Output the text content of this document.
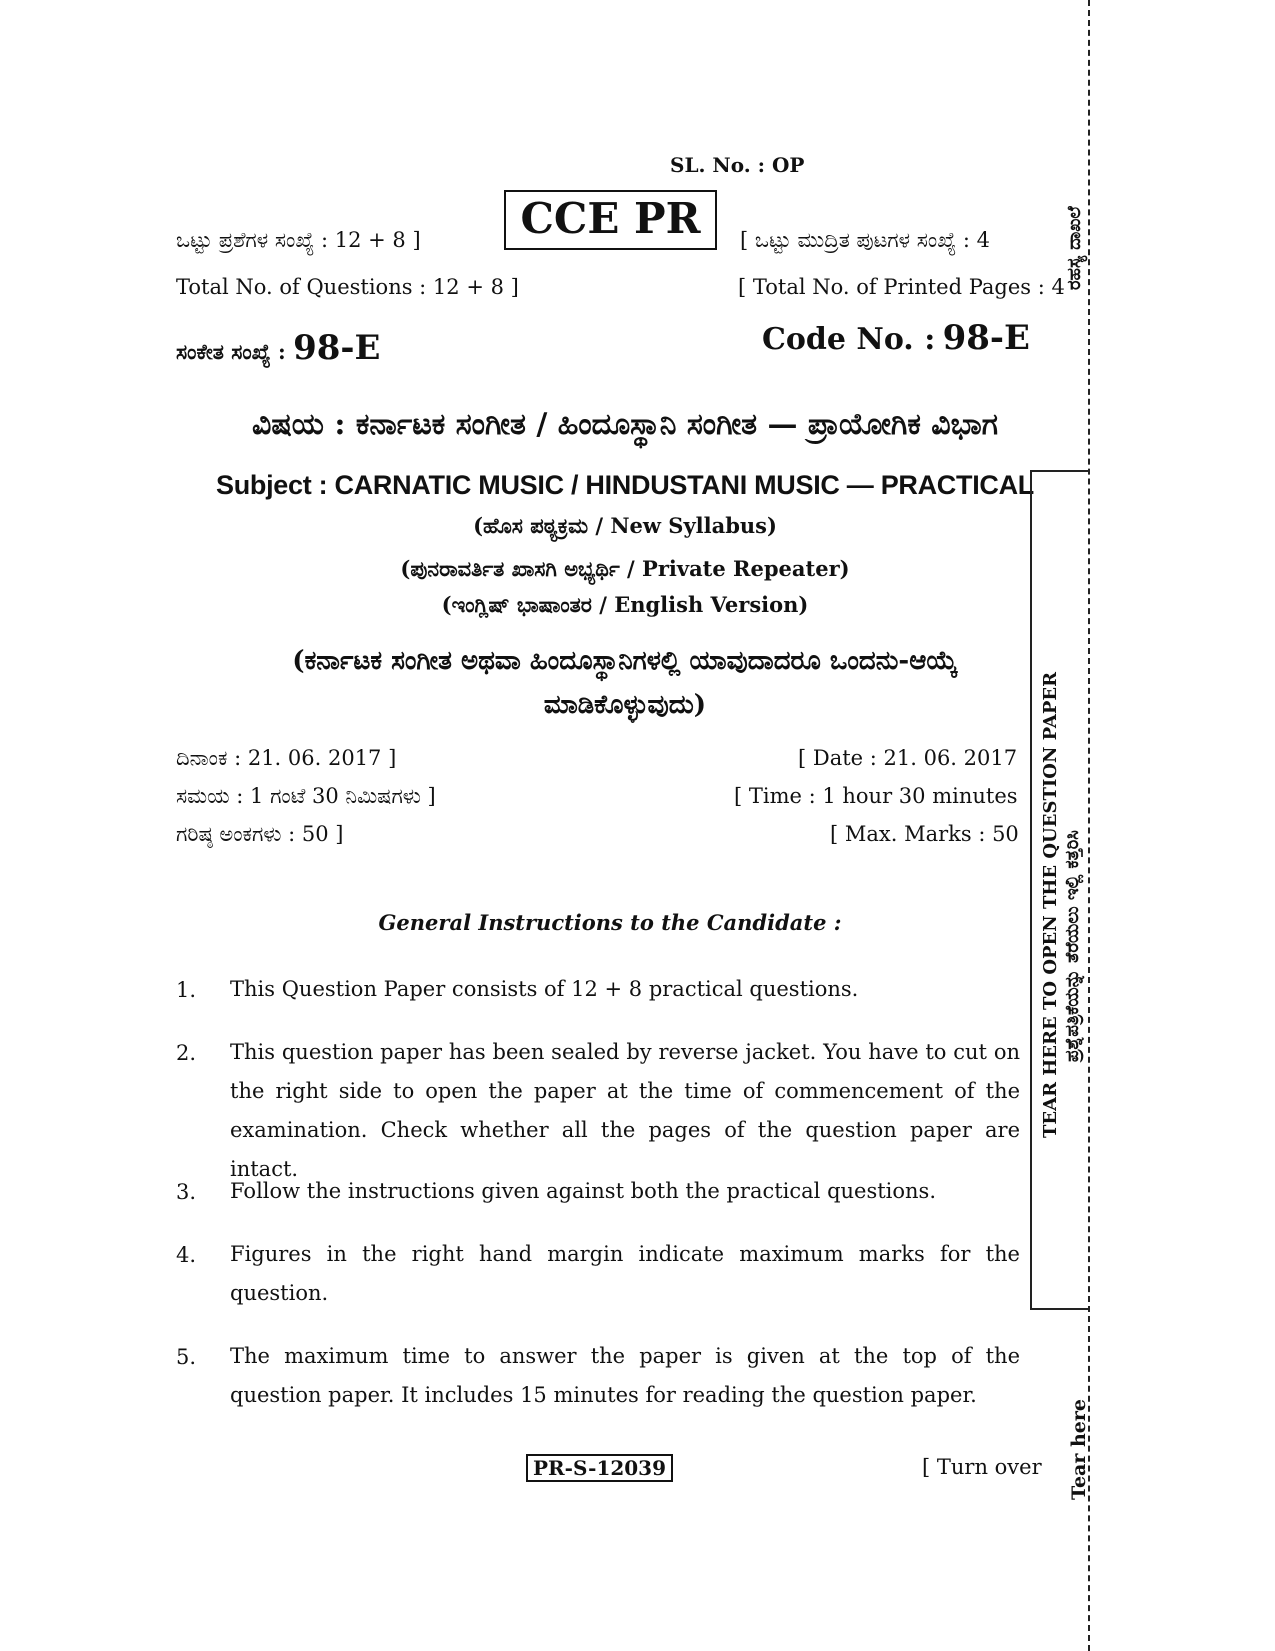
SL. No. : OP
CCE PR
ಒಟ್ಟು ಪ್ರಶೆಗಳ ಸಂಖ್ಯೆ : 12 + 8 ]	[ ಒಟ್ಟು ಮುದ್ರಿತ ಪುಟಗಳ ಸಂಖ್ಯೆ : 4
Total No. of Questions : 12 + 8 ]	[ Total No. of Printed Pages : 4
ಸಂಕೇತ ಸಂಖ್ಯೆ : 98-E	Code No. : 98-E
ವಿಷಯ : ಕರ್ನಾಟಕ ಸಂಗೀತ / ಹಿಂದೂಸ್ಥಾನಿ ಸಂಗೀತ — ಪ್ರಾಯೋಗಿಕ ವಿಭಾಗ
Subject : CARNATIC MUSIC / HINDUSTANI MUSIC — PRACTICAL
(ಹೊಸ ಪಠ್ಯಕ್ರಮ / New Syllabus)
(ಪುನರಾವರ್ತಿತ ಖಾಸಗಿ ಅಭ್ಯರ್ಥಿ / Private Repeater)
(ಇಂಗ್ಲಿಷ್ ಭಾಷಾಂತರ / English Version)
(ಕರ್ನಾಟಕ ಸಂಗೀತ ಅಥವಾ ಹಿಂದೂಸ್ಥಾನಿಗಳಲ್ಲಿ ಯಾವುದಾದರೂ ಒಂದನು-ಆಯ್ಕೆ
ಮಾಡಿಕೊಳ್ಳುವುದು)
ದಿನಾಂಕ : 21. 06. 2017 ]	[ Date : 21. 06. 2017
ಸಮಯ : 1 ಗಂಟೆ 30 ನಿಮಿಷಗಳು ]	[ Time : 1 hour 30 minutes
ಗರಿಷ್ಠ ಅಂಕಗಳು : 50 ]	[ Max. Marks : 50
General Instructions to the Candidate :
1. This Question Paper consists of 12 + 8 practical questions.
2. This question paper has been sealed by reverse jacket. You have to cut on the right side to open the paper at the time of commencement of the examination. Check whether all the pages of the question paper are intact.
3. Follow the instructions given against both the practical questions.
4. Figures in the right hand margin indicate maximum marks for the question.
5. The maximum time to answer the paper is given at the top of the question paper. It includes 15 minutes for reading the question paper.
PR-S-12039	[ Turn over
ರಹಸ್ಯ ದಾಖಲೆ
TEAR HERE TO OPEN THE QUESTION PAPER ಪ್ರಶ್ನೆಪತ್ರಿಕೆಯನ್ನು ತೆರೆಯಲು ಇಲ್ಲಿ ಕತ್ತರಿಸಿ
Tear here
